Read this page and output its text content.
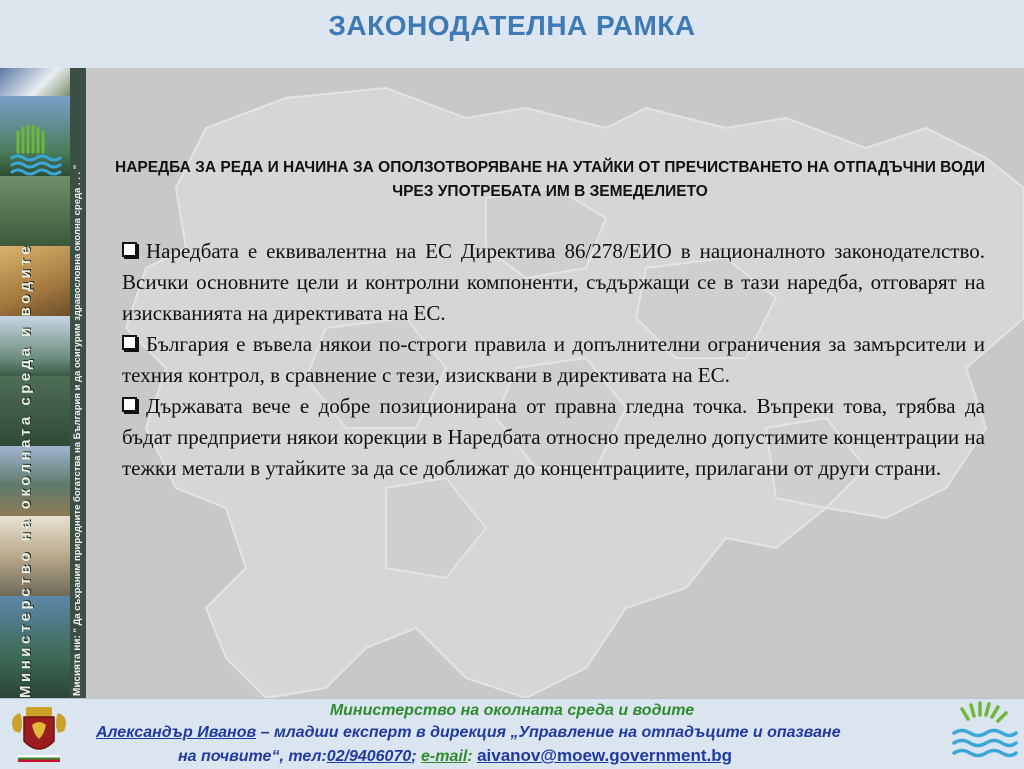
ЗАКОНОДАТЕЛНА РАМКА
Министерство на околната среда и водите	Мисията ни: " Да съхраним природните богатства на България и да осигурим здравословна околна среда . . . "	НАРЕДБА ЗА РЕДА И НАЧИНА ЗА ОПОЛЗОТВОРЯВАНЕ НА УТАЙКИ ОТ ПРЕЧИСТВАНЕТО НА ОТПАДЪЧНИ ВОДИ ЧРЕЗ УПОТРЕБАТА ИМ В ЗЕМЕДЕЛИЕТО

Наредбата е еквивалентна на ЕС Директива 86/278/ЕИО в националното законодателство. Всички основните цели и контролни компоненти, съдържащи се в тази наредба, отговарят на изискванията на директивата на ЕС.

България е въвела някои по-строги правила и допълнителни ограничения за замърсители и техния контрол, в сравнение с тези, изисквани в директивата на ЕС.

Държавата вече е добре позиционирана от правна гледна точка. Въпреки това, трябва да бъдат предприети някои корекции в Наредбата относно пределно допустимите концентрации на тежки метали в утайките за да се доближат до концентрациите, прилагани от други страни.

Министерство на околната среда и водите
Александър Иванов – младши експерт в дирекция „Управление на отпадъците и опазване
на почвите“, тел:02/9406070; e-mail: aivanov@moew.government.bg
